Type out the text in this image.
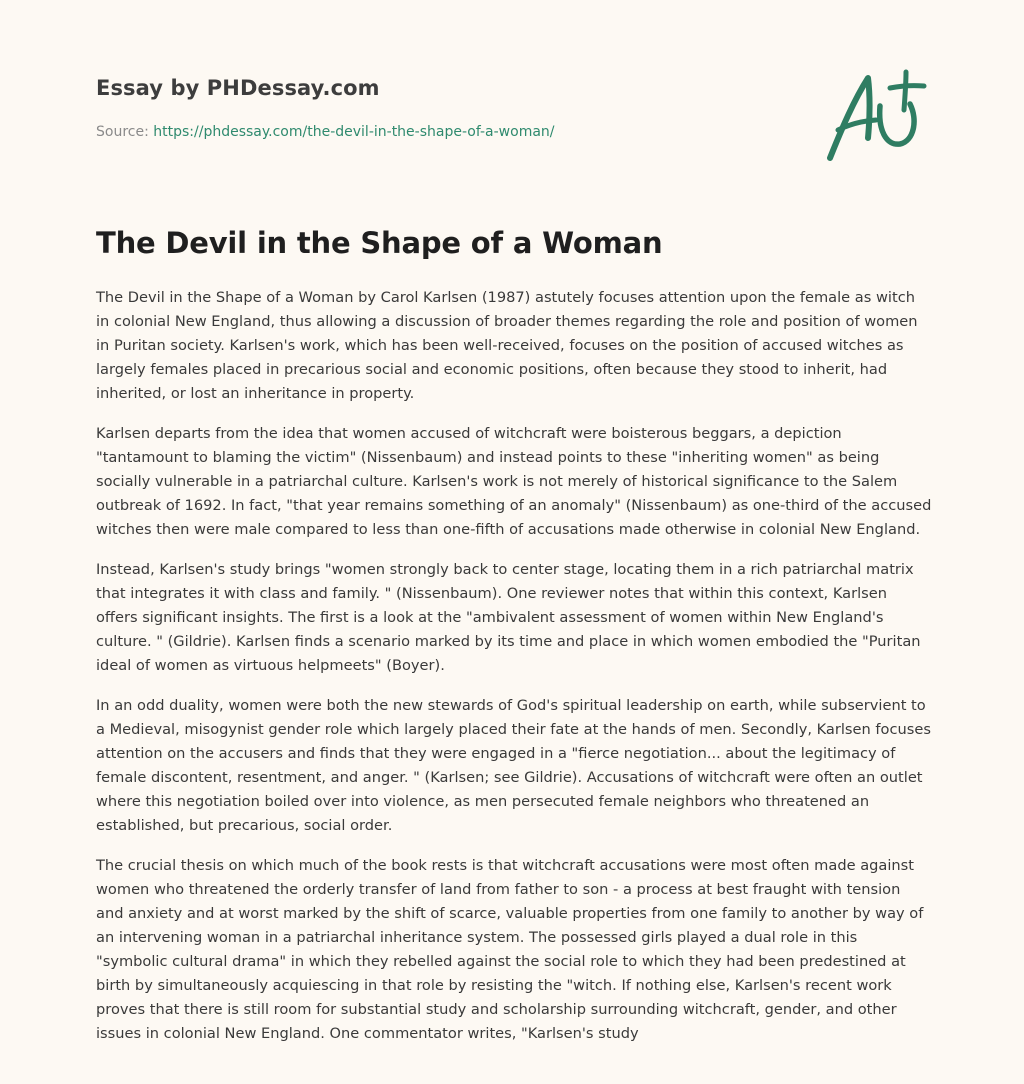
Essay by PHDessay.com
Source: https://phdessay.com/the-devil-in-the-shape-of-a-woman/
The Devil in the Shape of a Woman

The Devil in the Shape of a Woman by Carol Karlsen (1987) astutely focuses attention upon the female as witch in colonial New England, thus allowing a discussion of broader themes regarding the role and position of women in Puritan society. Karlsen's work, which has been well-received, focuses on the position of accused witches as largely females placed in precarious social and economic positions, often because they stood to inherit, had inherited, or lost an inheritance in property.

Karlsen departs from the idea that women accused of witchcraft were boisterous beggars, a depiction "tantamount to blaming the victim" (Nissenbaum) and instead points to these "inheriting women" as being socially vulnerable in a patriarchal culture. Karlsen's work is not merely of historical significance to the Salem outbreak of 1692. In fact, "that year remains something of an anomaly" (Nissenbaum) as one-third of the accused witches then were male compared to less than one-fifth of accusations made otherwise in colonial New England.

Instead, Karlsen's study brings "women strongly back to center stage, locating them in a rich patriarchal matrix that integrates it with class and family. " (Nissenbaum). One reviewer notes that within this context, Karlsen offers significant insights. The first is a look at the "ambivalent assessment of women within New England's culture. " (Gildrie). Karlsen finds a scenario marked by its time and place in which women embodied the "Puritan ideal of women as virtuous helpmeets" (Boyer).

In an odd duality, women were both the new stewards of God's spiritual leadership on earth, while subservient to a Medieval, misogynist gender role which largely placed their fate at the hands of men. Secondly, Karlsen focuses attention on the accusers and finds that they were engaged in a "fierce negotiation... about the legitimacy of female discontent, resentment, and anger. " (Karlsen; see Gildrie). Accusations of witchcraft were often an outlet where this negotiation boiled over into violence, as men persecuted female neighbors who threatened an established, but precarious, social order.

The crucial thesis on which much of the book rests is that witchcraft accusations were most often made against women who threatened the orderly transfer of land from father to son - a process at best fraught with tension and anxiety and at worst marked by the shift of scarce, valuable properties from one family to another by way of an intervening woman in a patriarchal inheritance system. The possessed girls played a dual role in this "symbolic cultural drama" in which they rebelled against the social role to which they had been predestined at birth by simultaneously acquiescing in that role by resisting the "witch. If nothing else, Karlsen's recent work proves that there is still room for substantial study and scholarship surrounding witchcraft, gender, and other issues in colonial New England. One commentator writes, "Karlsen's study
